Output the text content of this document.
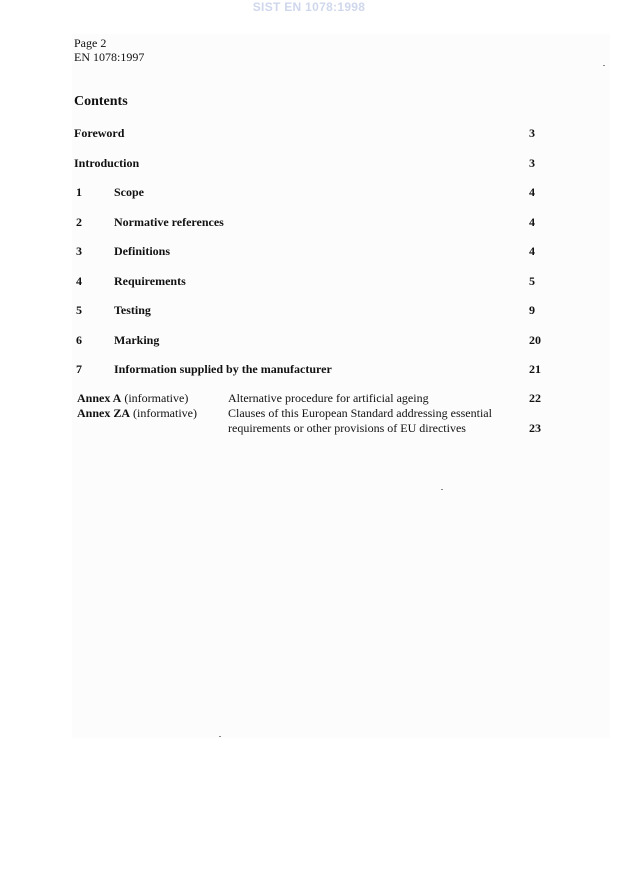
SIST EN 1078:1998
Page 2
EN 1078:1997
Contents
Foreword	3
Introduction	3
1	Scope	4
2	Normative references	4
3	Definitions	4
4	Requirements	5
5	Testing	9
6	Marking	20
7	Information supplied by the manufacturer	21
Annex A (informative)	Alternative procedure for artificial ageing	22
Annex ZA (informative)	Clauses of this European Standard addressing essential
requirements or other provisions of EU directives	23
